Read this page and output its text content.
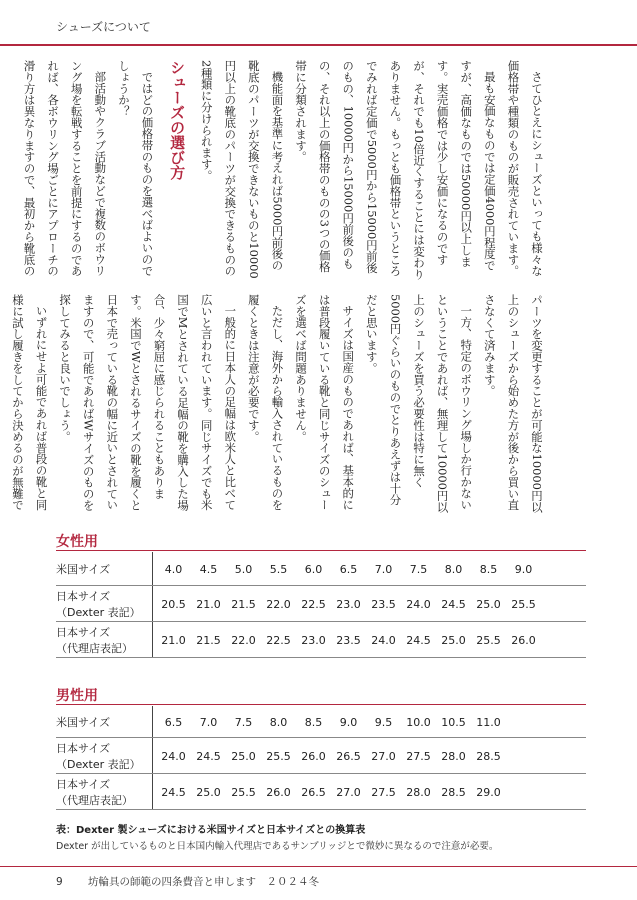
シューズについて

さてひとえにシューズといっても様々な価格帯や種類のものが販売されています。

最も安価なものでは定価4000円程度ですが、高価なものでは50000円以上します。実売価格では少し安価になるのですが、それでも10倍近くすることには変わりありません。もっとも価格帯というところでみれば定価で5000円から15000円前後のもの、10000円から15000円前後のもの、それ以上の価格帯のものの3つの価格帯に分類されます。

機能面を基準に考えれば5000円前後の靴底のパーツが交換できないものと10000円以上の靴底のパーツが交換できるものの2種類に分けられます。

シューズの選び方

ではどの価格帯のものを選べばよいのでしょうか？

部活動やクラブ活動などで複数のボウリング場を転戦することを前提にするのであれば、各ボウリング場ごとにアプローチの滑り方は異なりますので、最初から靴底の

パーツを変更することが可能な10000円以上のシューズから始めた方が後から買い直さなくて済みます。

一方、特定のボウリング場しか行かないということであれば、無理して10000円以上のシューズを買う必要性は特に無く5000円ぐらいのものでとりあえずは十分だと思います。

サイズは国産のものであれば、基本的には普段履いている靴と同じサイズのシューズを選べば問題ありません。

ただし、海外から輸入されているものを履くときは注意が必要です。

一般的に日本人の足幅は欧米人と比べて広いと言われています。同じサイズでも米国でMとされている足幅の靴を購入した場合、少々窮屈に感じられることもあります。米国でWとされるサイズの靴を履くと日本で売っている靴の幅に近いとされていますので、可能であればWサイズのものを探してみると良いでしょう。

いずれにせよ可能であれば普段の靴と同様に試し履きをしてから決めるのが無難で

女性用
米国サイズ	4.0	4.5	5.0	5.5	6.0	6.5	7.0	7.5	8.0	8.5	9.0
日本サイズ
（Dexter 表記）
20.5 21.0 21.5 22.0 22.5 23.0 23.5 24.0 24.5 25.0 25.5
日本サイズ
（代理店表記）
21.0 21.5 22.0 22.5 23.0 23.5 24.0 24.5 25.0 25.5 26.0
男性用
米国サイズ	6.5	7.0	7.5	8.0	8.5	9.0	9.5	10.0 10.5 11.0
日本サイズ
（Dexter 表記）
24.0 24.5 25.0 25.5 26.0 26.5 27.0 27.5 28.0 28.5
日本サイズ
（代理店表記）
24.5 25.0 25.5 26.0 26.5 27.0 27.5 28.0 28.5 29.0
表：Dexter 製シューズにおける米国サイズと日本サイズとの換算表
Dexter が出しているものと日本国内輸入代理店であるサンブリッジとで微妙に異なるので注意が必要。
9 坊輪具の師範の四条費音と申します　２０２４冬
